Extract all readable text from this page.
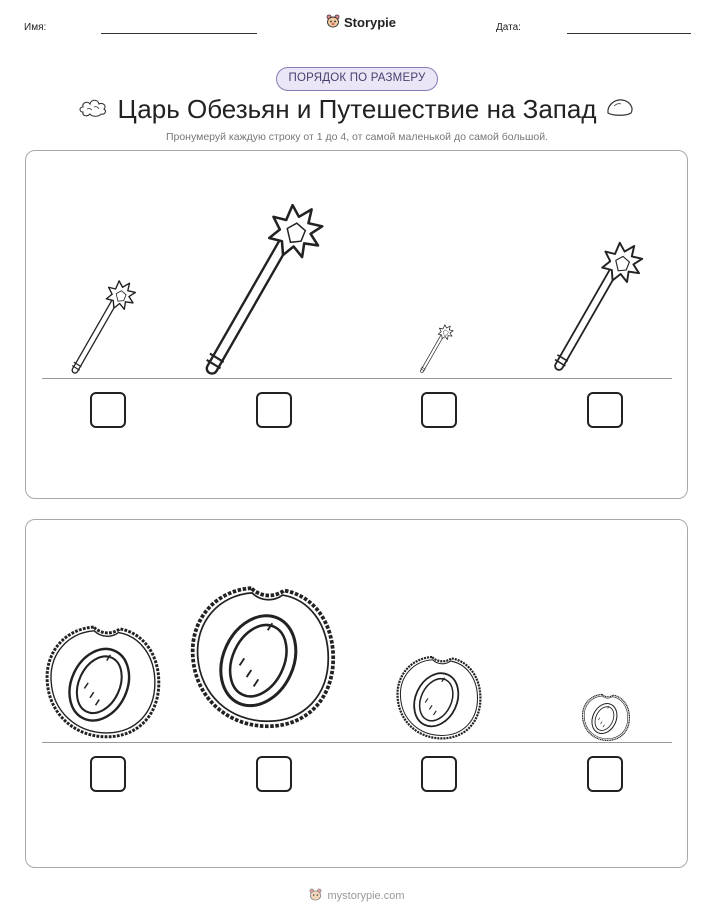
Имя:	Storypie	Дата:
ПОРЯДОК ПО РАЗМЕРУ
Царь Обезьян и Путешествие на Запад
Пронумеруй каждую строку от 1 до 4, от самой маленькой до самой большой.
mystorypie.com
